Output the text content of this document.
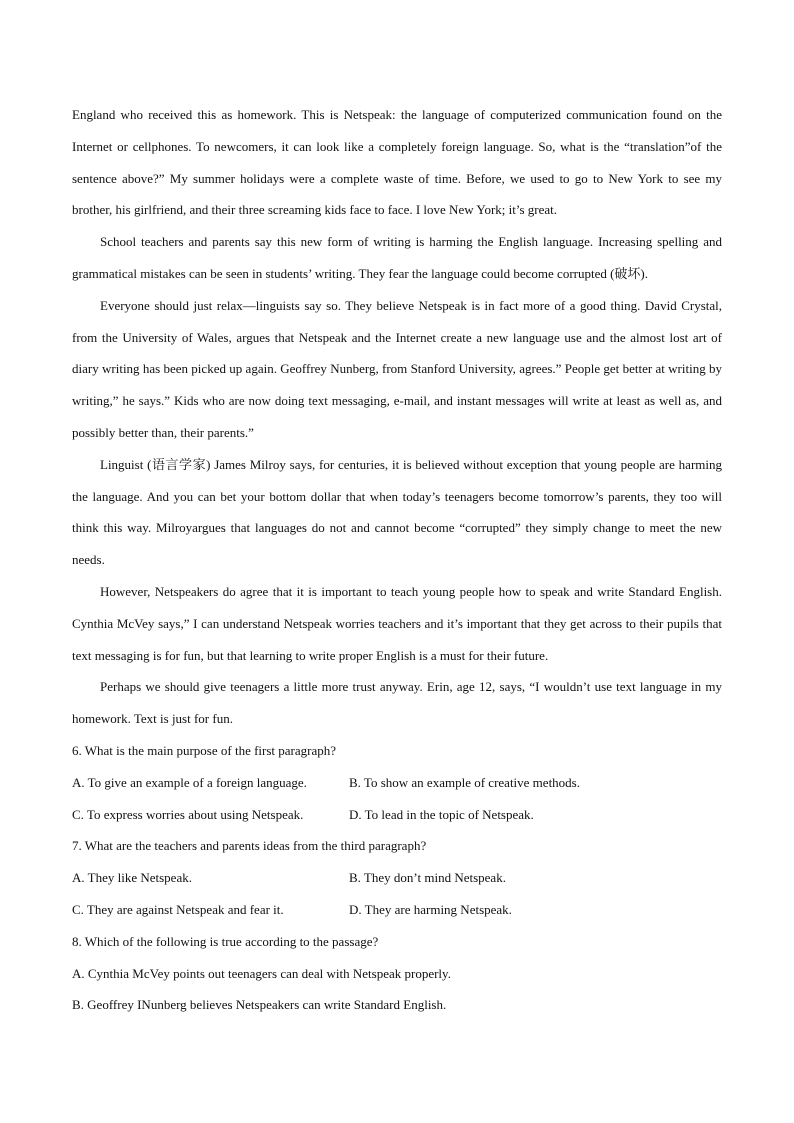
England who received this as homework. This is Netspeak: the language of computerized communication found on the Internet or cellphones. To newcomers, it can look like a completely foreign language. So, what is the “translation”of the sentence above?” My summer holidays were a complete waste of time. Before, we used to go to New York to see my brother, his girlfriend, and their three screaming kids face to face. I love New York; it’s great.

School teachers and parents say this new form of writing is harming the English language. Increasing spelling and grammatical mistakes can be seen in students’ writing. They fear the language could become corrupted (破坏).

Everyone should just relax—linguists say so. They believe Netspeak is in fact more of a good thing. David Crystal, from the University of Wales, argues that Netspeak and the Internet create a new language use and the almost lost art of diary writing has been picked up again. Geoffrey Nunberg, from Stanford University, agrees.” People get better at writing by writing,” he says.” Kids who are now doing text messaging, e-mail, and instant messages will write at least as well as, and possibly better than, their parents.”

Linguist (语言学家) James Milroy says, for centuries, it is believed without exception that young people are harming the language. And you can bet your bottom dollar that when today’s teenagers become tomorrow’s parents, they too will think this way. Milroyargues that languages do not and cannot become “corrupted” they simply change to meet the new needs.

However, Netspeakers do agree that it is important to teach young people how to speak and write Standard English. Cynthia McVey says,” I can understand Netspeak worries teachers and it’s important that they get across to their pupils that text messaging is for fun, but that learning to write proper English is a must for their future.

Perhaps we should give teenagers a little more trust anyway. Erin, age 12, says, “I wouldn’t use text language in my homework. Text is just for fun.

6. What is the main purpose of the first paragraph?

A. To give an example of a foreign language.	B. To show an example of creative methods.
C. To express worries about using Netspeak.	D. To lead in the topic of Netspeak.

7. What are the teachers and parents ideas from the third paragraph?

A. They like Netspeak.	B. They don’t mind Netspeak.
C. They are against Netspeak and fear it.	D. They are harming Netspeak.

8. Which of the following is true according to the passage?

A. Cynthia McVey points out teenagers can deal with Netspeak properly.

B. Geoffrey INunberg believes Netspeakers can write Standard English.
